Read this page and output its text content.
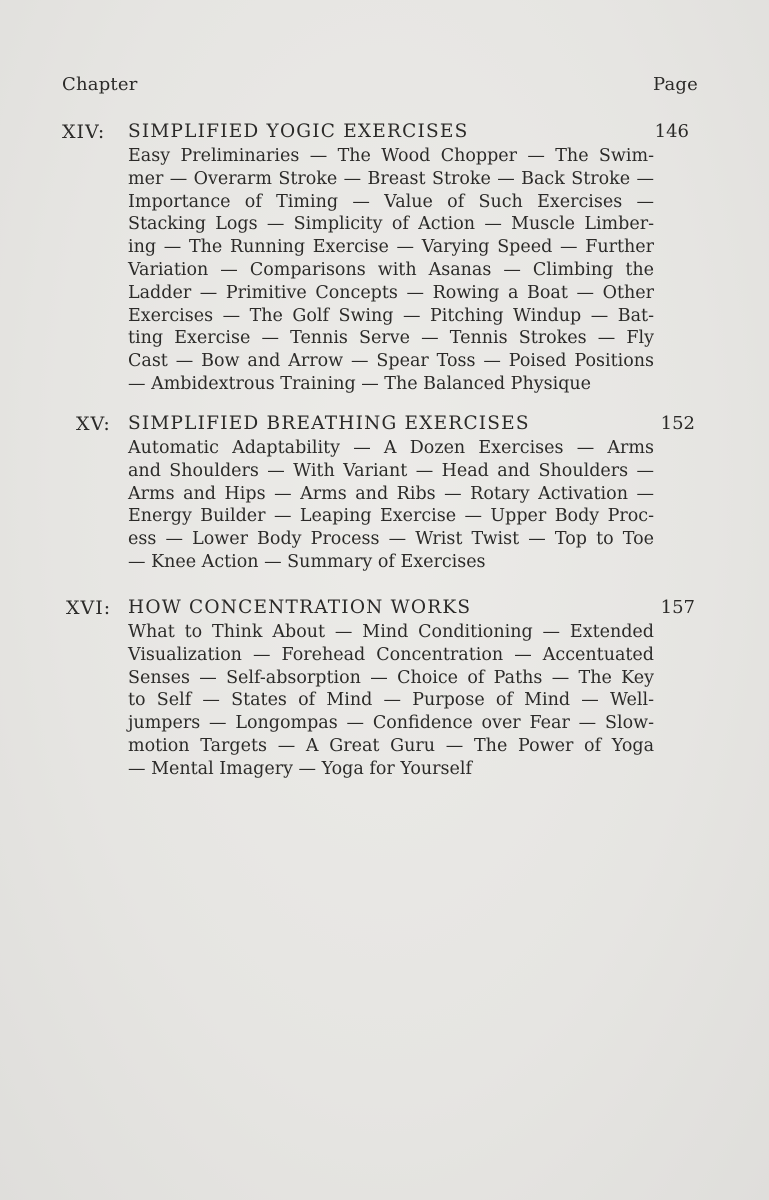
Chapter	Page
XIV: SIMPLIFIED YOGIC EXERCISES	146
Easy Preliminaries — The Wood Chopper — The Swim-
mer — Overarm Stroke — Breast Stroke — Back Stroke —
Importance of Timing — Value of Such Exercises —
Stacking Logs — Simplicity of Action — Muscle Limber-
ing — The Running Exercise — Varying Speed — Further
Variation — Comparisons with Asanas — Climbing the
Ladder — Primitive Concepts — Rowing a Boat — Other
Exercises — The Golf Swing — Pitching Windup — Bat-
ting Exercise — Tennis Serve — Tennis Strokes — Fly
Cast — Bow and Arrow — Spear Toss — Poised Positions
— Ambidextrous Training — The Balanced Physique
XV: SIMPLIFIED BREATHING EXERCISES	152
Automatic Adaptability — A Dozen Exercises — Arms
and Shoulders — With Variant — Head and Shoulders —
Arms and Hips — Arms and Ribs — Rotary Activation —
Energy Builder — Leaping Exercise — Upper Body Proc-
ess — Lower Body Process — Wrist Twist — Top to Toe
— Knee Action — Summary of Exercises
XVI: HOW CONCENTRATION WORKS	157
What to Think About — Mind Conditioning — Extended
Visualization — Forehead Concentration — Accentuated
Senses — Self-absorption — Choice of Paths — The Key
to Self — States of Mind — Purpose of Mind — Well-
jumpers — Longompas — Confidence over Fear — Slow-
motion Targets — A Great Guru — The Power of Yoga
— Mental Imagery — Yoga for Yourself
